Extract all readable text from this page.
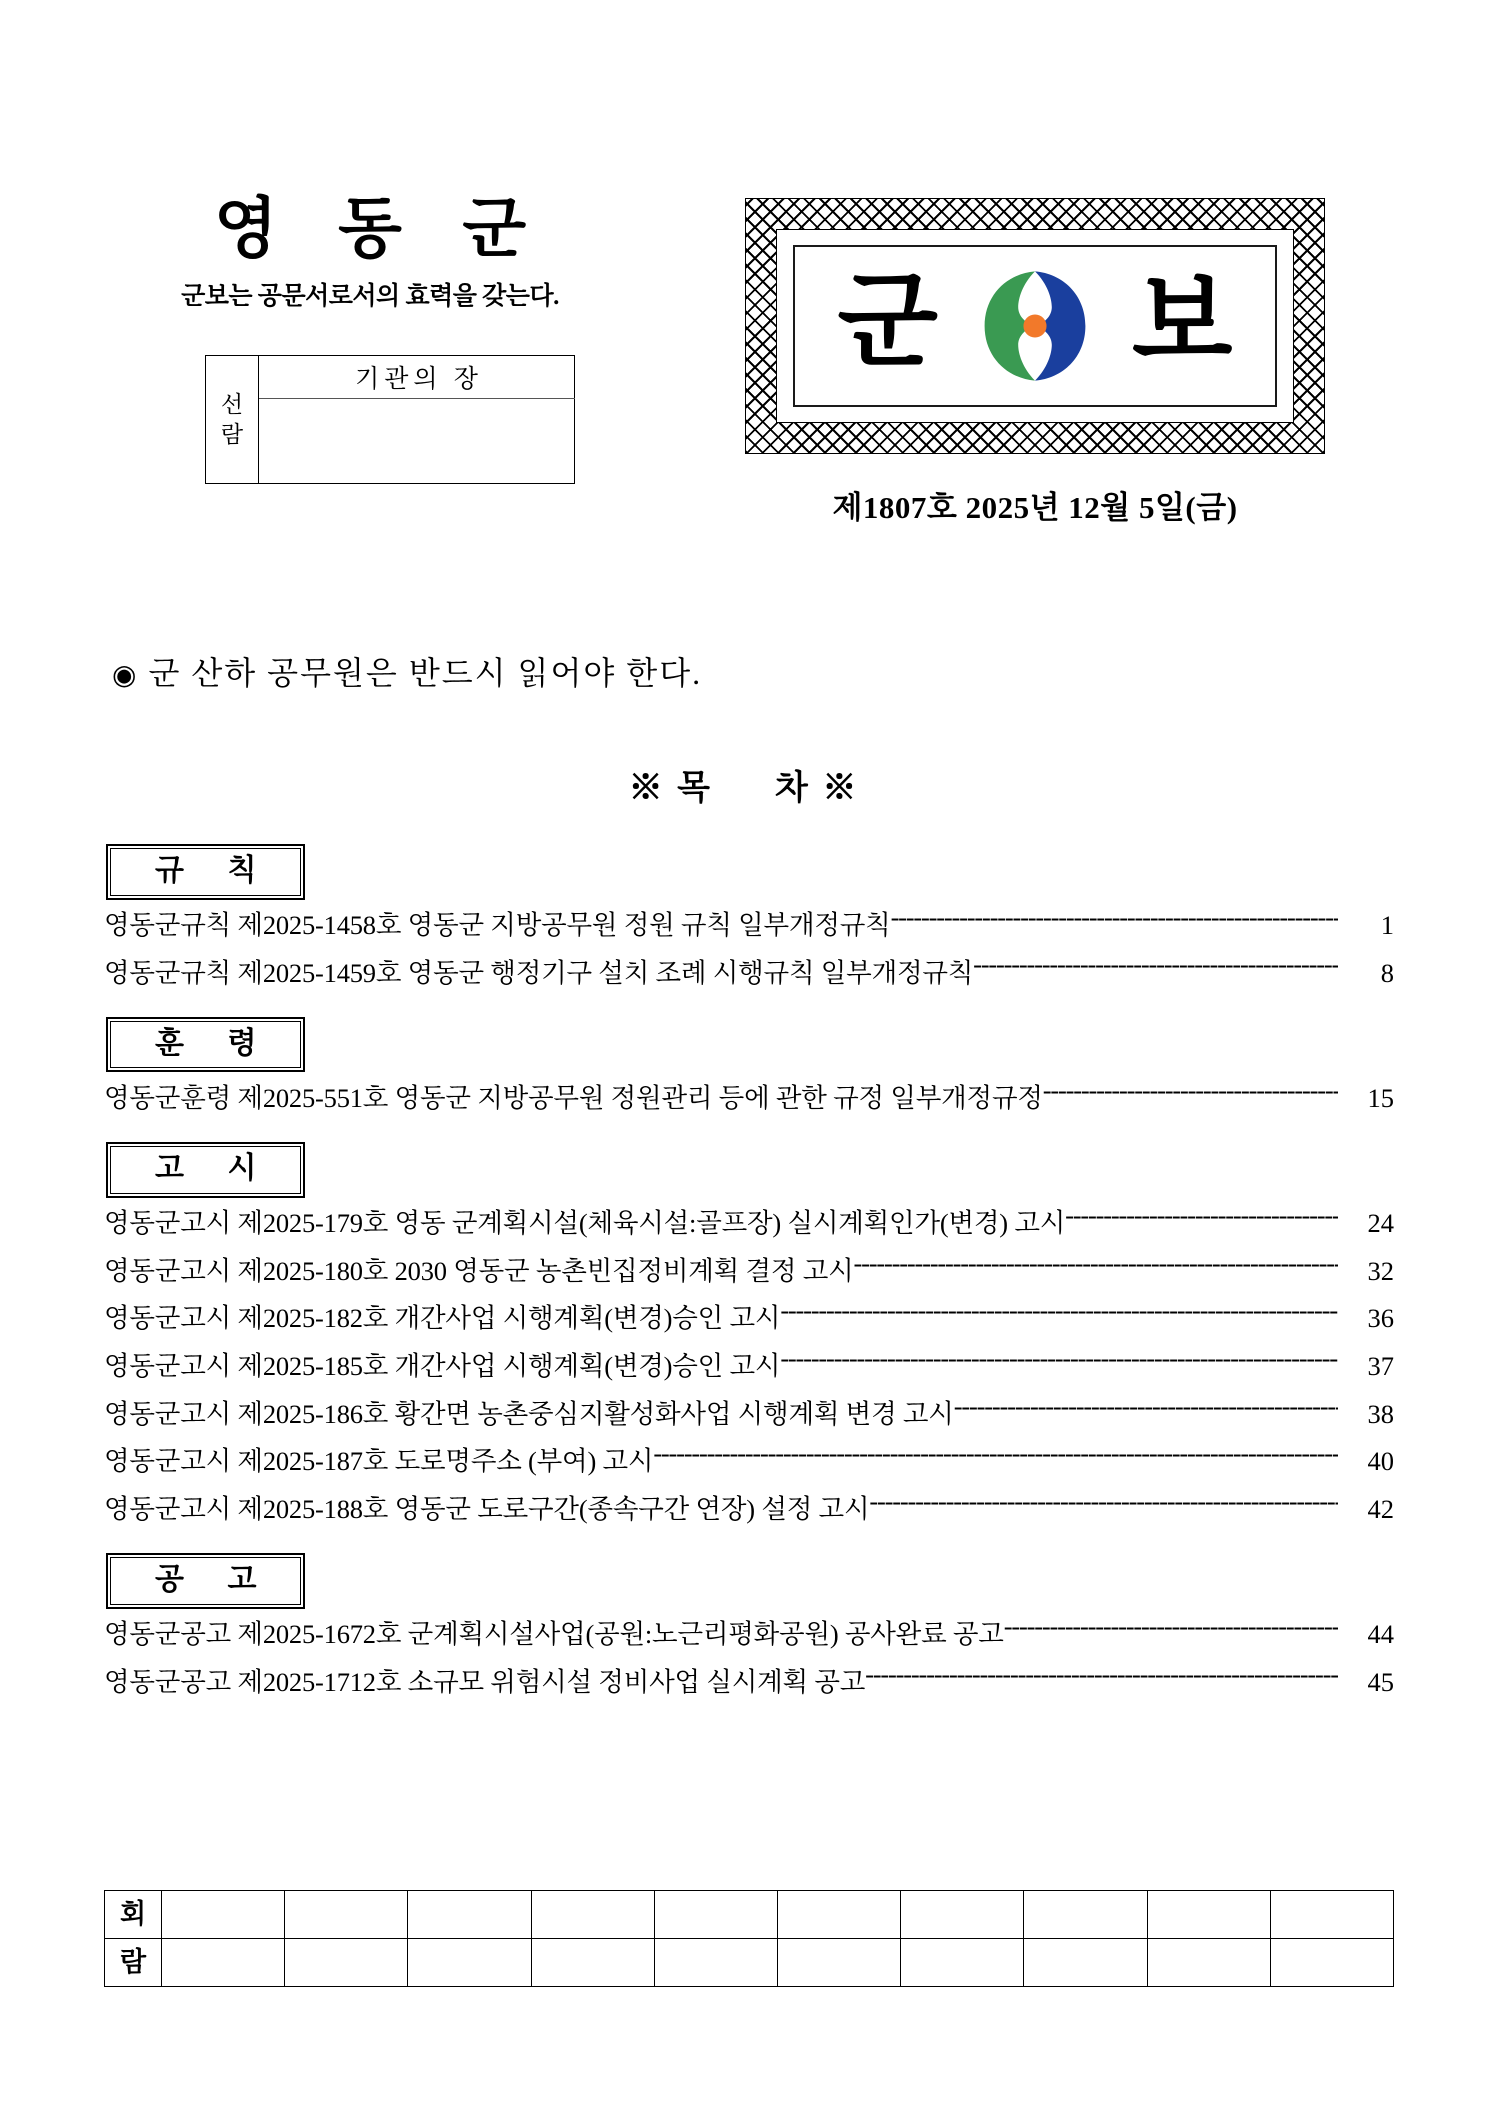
영 동 군
군보는 공문서로서의 효력을 갖는다.
선
람
	기관의 장	군 보
제1807호 2025년 12월 5일(금)
◉ 군 산하 공무원은 반드시 읽어야 한다.
※ 목 차 ※
규 칙
영동군규칙 제2025-1458호 영동군 지방공무원 정원 규칙 일부개정규칙 -----	1
영동군규칙 제2025-1459호 영동군 행정기구 설치 조례 시행규칙 일부개정규칙 -----	8
훈 령
영동군훈령 제2025-551호 영동군 지방공무원 정원관리 등에 관한 규정 일부개정규정 -----	15
고 시
영동군고시 제2025-179호 영동 군계획시설(체육시설:골프장) 실시계획인가(변경) 고시 -----	24
영동군고시 제2025-180호 2030 영동군 농촌빈집정비계획 결정 고시 -----	32
영동군고시 제2025-182호 개간사업 시행계획(변경)승인 고시 -----	36
영동군고시 제2025-185호 개간사업 시행계획(변경)승인 고시 -----	37
영동군고시 제2025-186호 황간면 농촌중심지활성화사업 시행계획 변경 고시 -----	38
영동군고시 제2025-187호 도로명주소 (부여) 고시 -----	40
영동군고시 제2025-188호 영동군 도로구간(종속구간 연장) 설정 고시 -----	42
공 고
영동군공고 제2025-1672호 군계획시설사업(공원:노근리평화공원) 공사완료 공고 -----	44
영동군공고 제2025-1712호 소규모 위험시설 정비사업 실시계획 공고 -----	45
회										
람										
